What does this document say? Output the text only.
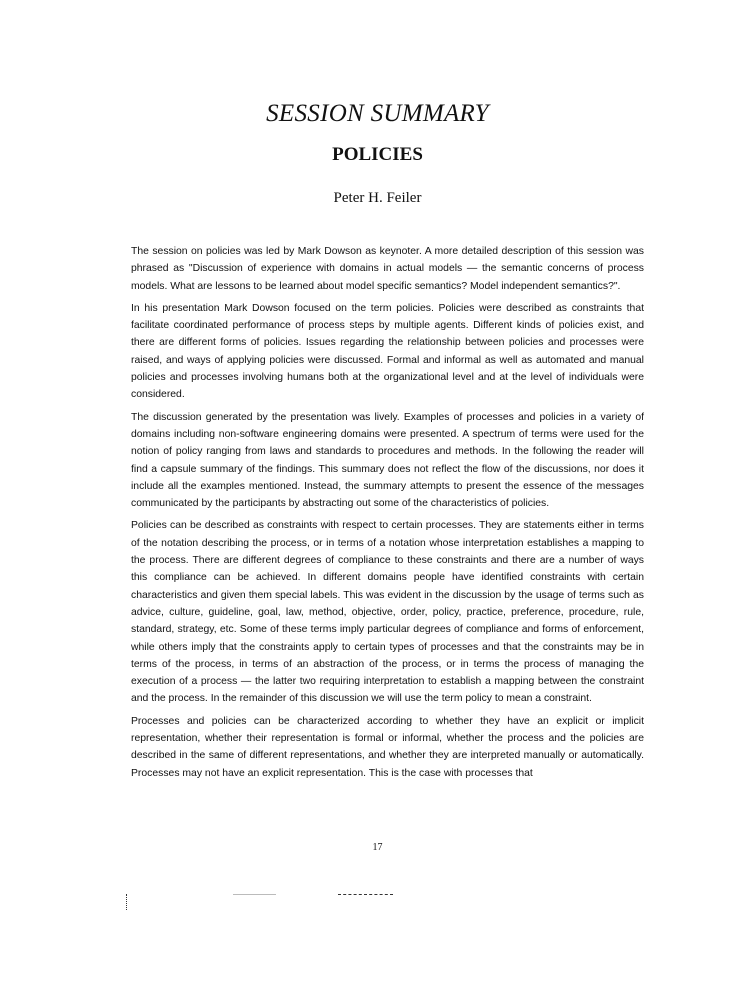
SESSION SUMMARY
POLICIES
Peter H. Feiler

The session on policies was led by Mark Dowson as keynoter. A more detailed description of this session was phrased as "Discussion of experience with domains in actual models — the semantic concerns of process models. What are lessons to be learned about model specific semantics? Model independent semantics?".

In his presentation Mark Dowson focused on the term policies. Policies were described as constraints that facilitate coordinated performance of process steps by multiple agents. Different kinds of policies exist, and there are different forms of policies. Issues regarding the relationship between policies and processes were raised, and ways of applying policies were discussed. Formal and informal as well as automated and manual policies and processes involving humans both at the organizational level and at the level of individuals were considered.

The discussion generated by the presentation was lively. Examples of processes and policies in a variety of domains including non-software engineering domains were presented. A spectrum of terms were used for the notion of policy ranging from laws and standards to procedures and methods. In the following the reader will find a capsule summary of the findings. This summary does not reflect the flow of the discussions, nor does it include all the examples mentioned. Instead, the summary attempts to present the essence of the messages communicated by the participants by abstracting out some of the characteristics of policies.

Policies can be described as constraints with respect to certain processes. They are statements either in terms of the notation describing the process, or in terms of a notation whose interpretation establishes a mapping to the process. There are different degrees of compliance to these constraints and there are a number of ways this compliance can be achieved. In different domains people have identified constraints with certain characteristics and given them special labels. This was evident in the discussion by the usage of terms such as advice, culture, guideline, goal, law, method, objective, order, policy, practice, preference, procedure, rule, standard, strategy, etc. Some of these terms imply particular degrees of compliance and forms of enforcement, while others imply that the constraints apply to certain types of processes and that the constraints may be in terms of the process, in terms of an abstraction of the process, or in terms the process of managing the execution of a process — the latter two requiring interpretation to establish a mapping between the constraint and the process. In the remainder of this discussion we will use the term policy to mean a constraint.

Processes and policies can be characterized according to whether they have an explicit or implicit representation, whether their representation is formal or informal, whether the process and the policies are described in the same of different representations, and whether they are interpreted manually or automatically. Processes may not have an explicit representation. This is the case with processes that

17
